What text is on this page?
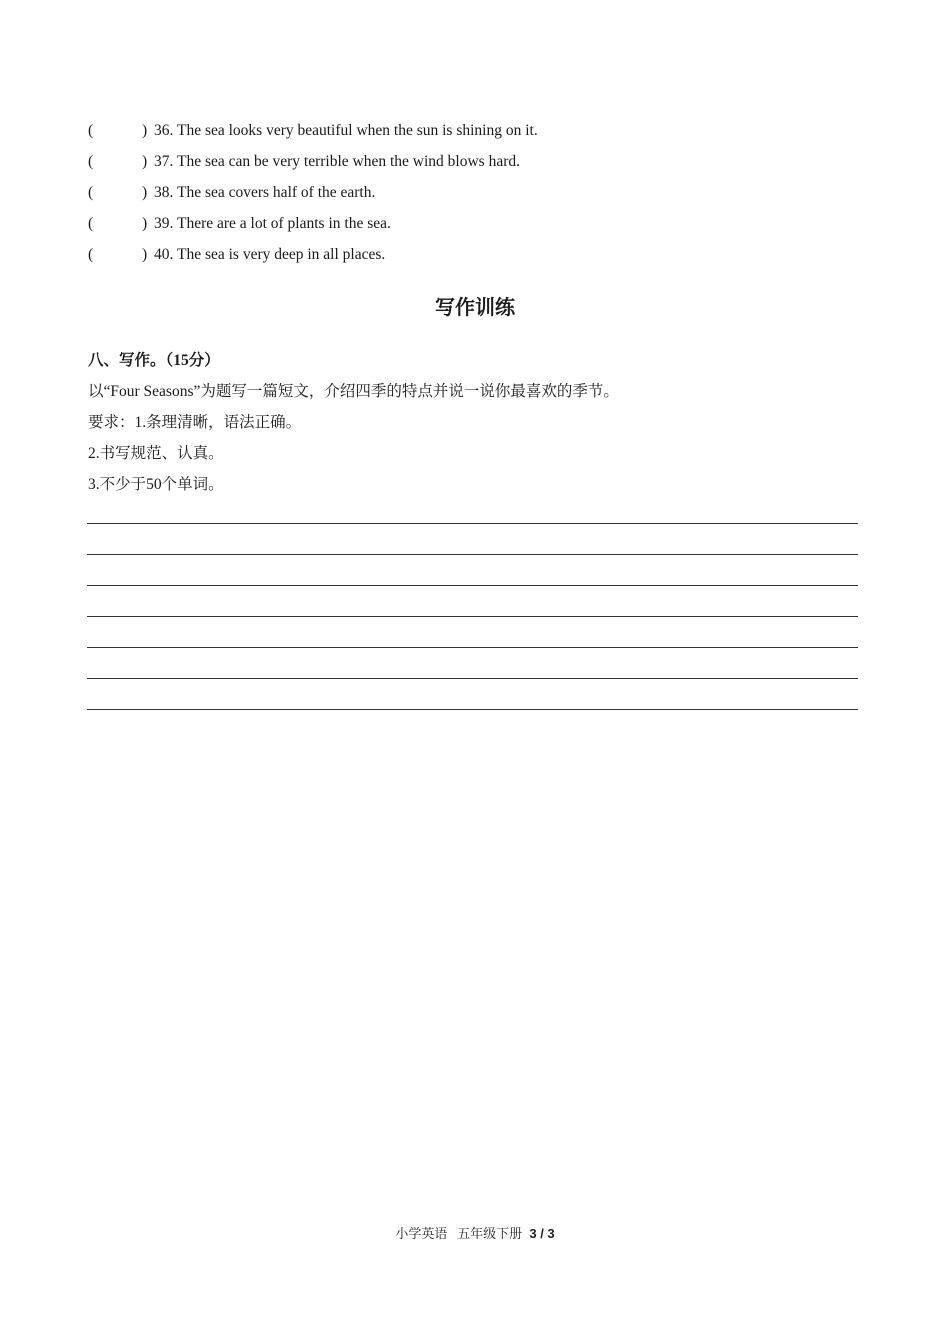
(	) 36. The sea looks very beautiful when the sun is shining on it.
(	) 37. The sea can be very terrible when the wind blows hard.
(	) 38. The sea covers half of the earth.
(	) 39. There are a lot of plants in the sea.
(	) 40. The sea is very deep in all places.
写作训练
八、写作。（15分）
以“Four Seasons”为题写一篇短文，介绍四季的特点并说一说你最喜欢的季节。
要求：1.条理清晰，语法正确。
2.书写规范、认真。
3.不少于50个单词。
小学英语 五年级下册 3 / 3
